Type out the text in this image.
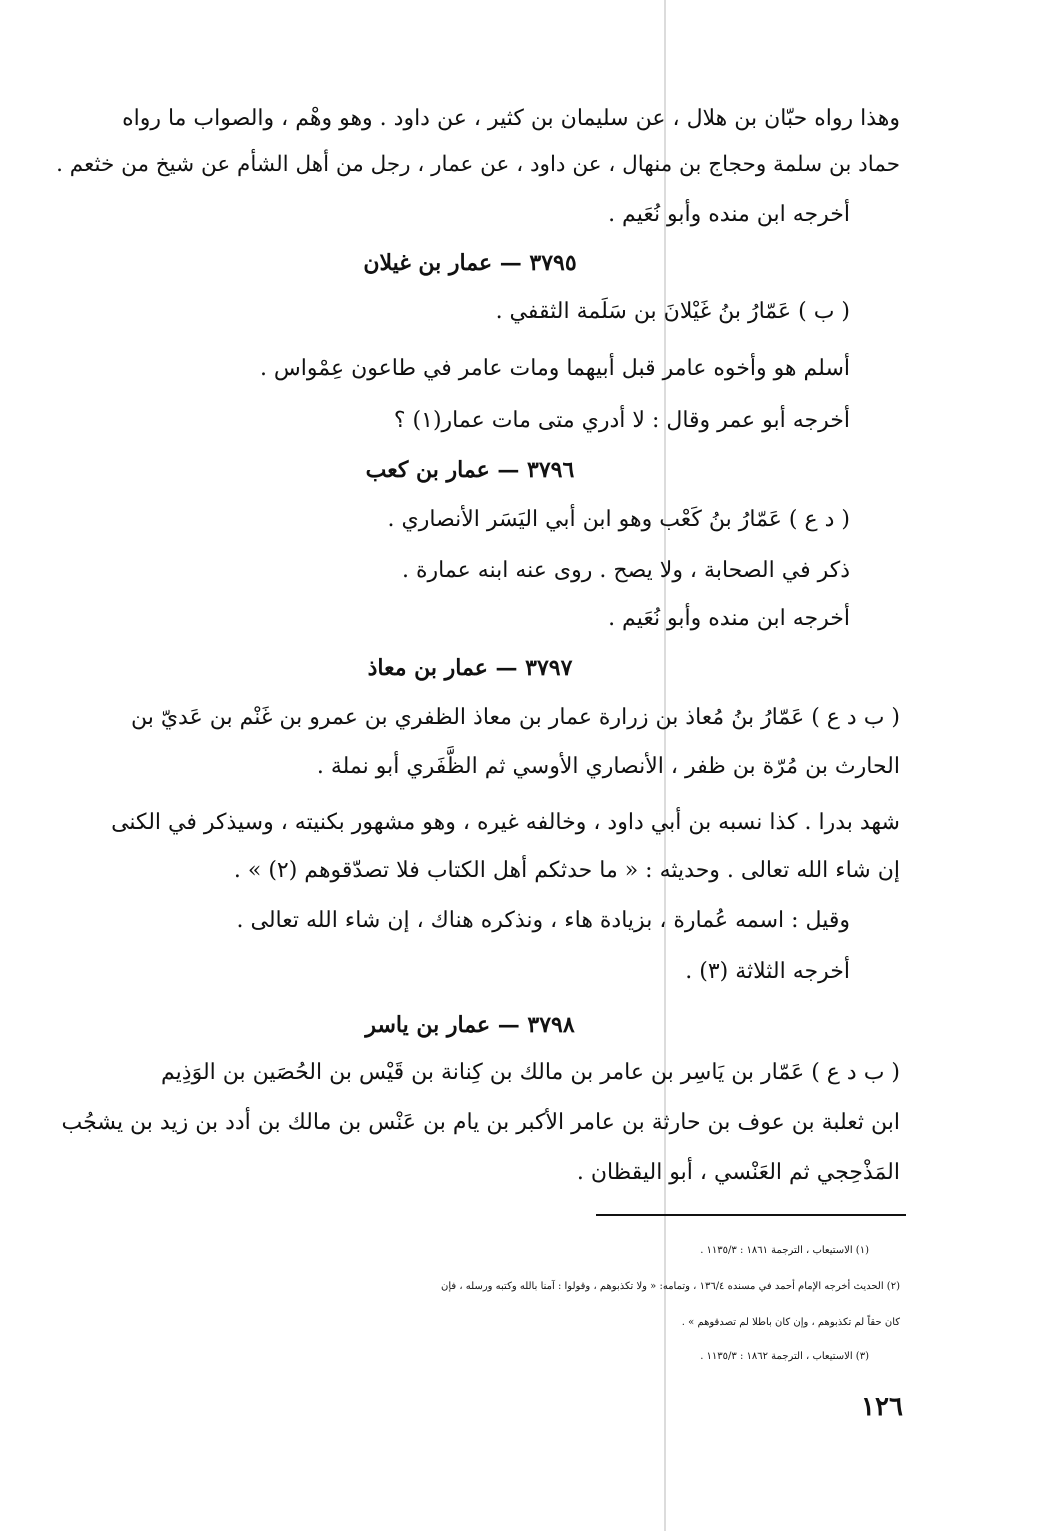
وهذا رواه حبّان بن هلال ، عن سليمان بن كثير ، عن داود . وهو وهْم ، والصواب ما رواه
حماد بن سلمة وحجاج بن منهال ، عن داود ، عن عمار ، رجل من أهل الشأم عن شيخ من خثعم .
أخرجه ابن منده وأبو نُعَيم .
٣٧٩٥ — عمار بن غيلان
( ب ) عَمّارُ بنُ غَيْلانَ بن سَلَمة الثقفي .
أسلم هو وأخوه عامر قبل أبيهما ومات عامر في طاعون عِمْواس .
أخرجه أبو عمر وقال : لا أدري متى مات عمار(١) ؟
٣٧٩٦ — عمار بن كعب
( د ع ) عَمّارُ بنُ كَعْب وهو ابن أبي اليَسَر الأنصاري .
ذكر في الصحابة ، ولا يصح . روى عنه ابنه عمارة .
أخرجه ابن منده وأبو نُعَيم .
٣٧٩٧ — عمار بن معاذ
( ب د ع ) عَمّارُ بنُ مُعاذ بن زرارة عمار بن معاذ الظفري بن عمرو بن غَنْم بن عَديّ بن
الحارث بن مُرّة بن ظفر ، الأنصاري الأوسي ثم الظَّفَري أبو نملة .
شهد بدرا . كذا نسبه بن أبي داود ، وخالفه غيره ، وهو مشهور بكنيته ، وسيذكر في الكنى
إن شاء الله تعالى . وحديثه : « ما حدثكم أهل الكتاب فلا تصدّقوهم (٢) » .
وقيل : اسمه عُمارة ، بزيادة هاء ، ونذكره هناك ، إن شاء الله تعالى .
أخرجه الثلاثة (٣) .
٣٧٩٨ — عمار بن ياسر
( ب د ع ) عَمّار بن يَاسِر بن عامر بن مالك بن كِنانة بن قَيْس بن الحُصَين بن الوَذِيم
ابن ثعلبة بن عوف بن حارثة بن عامر الأكبر بن يام بن عَنْس بن مالك بن أدد بن زيد بن يشجُب
المَذْحِجي ثم العَنْسي ، أبو اليقظان .
(١) الاستيعاب ، الترجمة ١٨٦١ : ١١٣٥/٣ .
(٢) الحديث أخرجه الإمام أحمد في مسنده ١٣٦/٤ ، وتمامه: « ولا تكذبوهم ، وقولوا : آمنا بالله وكتبه ورسله ، فإن
كان حقاً لم تكذبوهم ، وإن كان باطلا لم تصدقوهم » .
(٣) الاستيعاب ، الترجمة ١٨٦٢ : ١١٣٥/٣ .
١٢٦
